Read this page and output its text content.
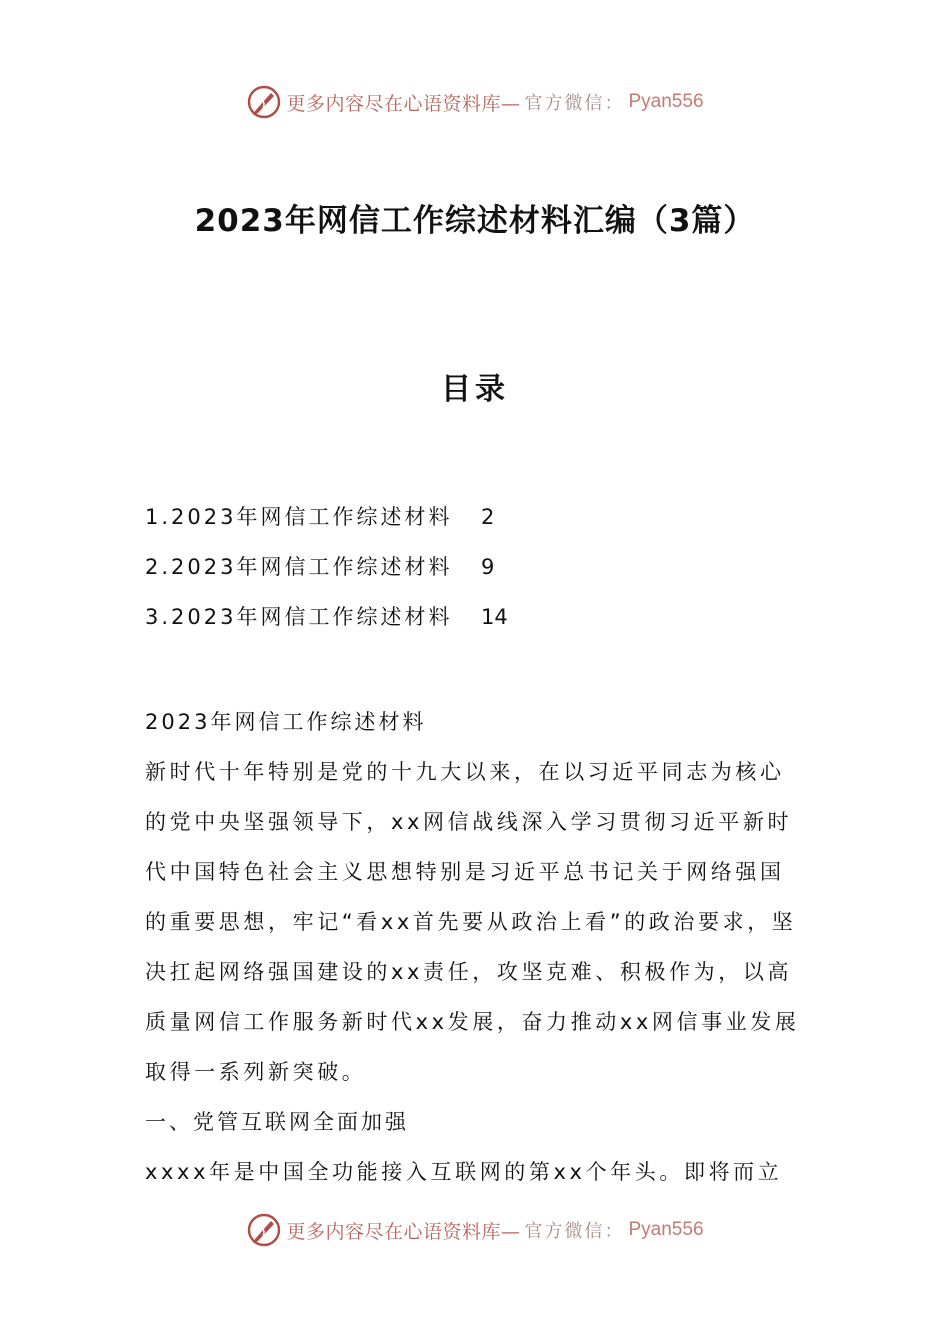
更多内容尽在心语资料库— 官方微信： Pyan556
2023年网信工作综述材料汇编（3篇）
目录
1.2023年网信工作综述材料	2
2.2023年网信工作综述材料	9
3.2023年网信工作综述材料	14

2023年网信工作综述材料

新时代十年特别是党的十九大以来，在以习近平同志为核心的党中央坚强领导下，xx网信战线深入学习贯彻习近平新时代中国特色社会主义思想特别是习近平总书记关于网络强国的重要思想，牢记“看xx首先要从政治上看”的政治要求，坚决扛起网络强国建设的xx责任，攻坚克难、积极作为，以高质量网信工作服务新时代xx发展，奋力推动xx网信事业发展取得一系列新突破。

一、党管互联网全面加强

xxxx年是中国全功能接入互联网的第xx个年头。即将而立

更多内容尽在心语资料库— 官方微信： Pyan556
